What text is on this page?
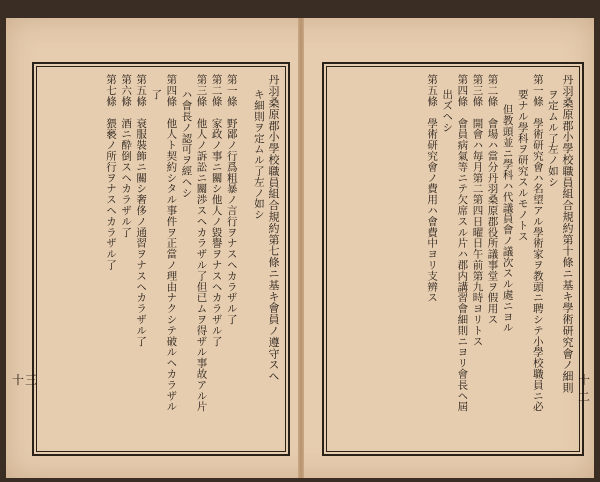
丹羽桑原郡小學校職員組合規約第七條ニ基キ會員ノ遵守スヘ
キ細則ヲ定ムル了左ノ如シ
第一條　野鄙ノ行爲粗暴ノ言行ヲナスヘカラザル了
第二條　家政ノ事ニ關シ他人ノ毀譽ヲナスヘカラザル了
第三條　他人ノ訴訟ニ關渉スヘカラザル了但已ムヲ得ザル事故アル片
ハ會長ノ認可ヲ經ヘシ
第四條　他人ト契約シタル事件ヲ正當ノ理由ナクシテ破ルヘカラザル
了
第五條　衰服裝飾ニ關シ奢侈ノ通習ヲナスヘカラザル了
第六條　酒ニ酔倒スヘカラザル了
第七條　猥褻ノ所行ヲナスヘカラザル了
十三	丹羽桑原郡小學校職員組合規約第十條ニ基キ學術研究會ノ細則
ヲ定ムル了左ノ如シ
第一條　學術研究會ハ名望アル學術家ヲ教頭ニ聘シテ小學校職員ニ必
要ナル學科ヲ研究スルモノトス
但教頭並ニ學科ハ代議員會ノ議次スル處ニヨル
第二條　會場ハ當分丹羽桑原郡役所議事堂ヲ假用ス
第三條　開會ハ毎月第二第四日曜日午前第九時ヨリトス
第四條　會員病氣等ニテ欠席スル片ハ郡内講習會細則ニヨリ會長ヘ屆
出ズヘシ
第五條　學術研究會ノ費用ハ會費中ヨリ支辨ス
十二
